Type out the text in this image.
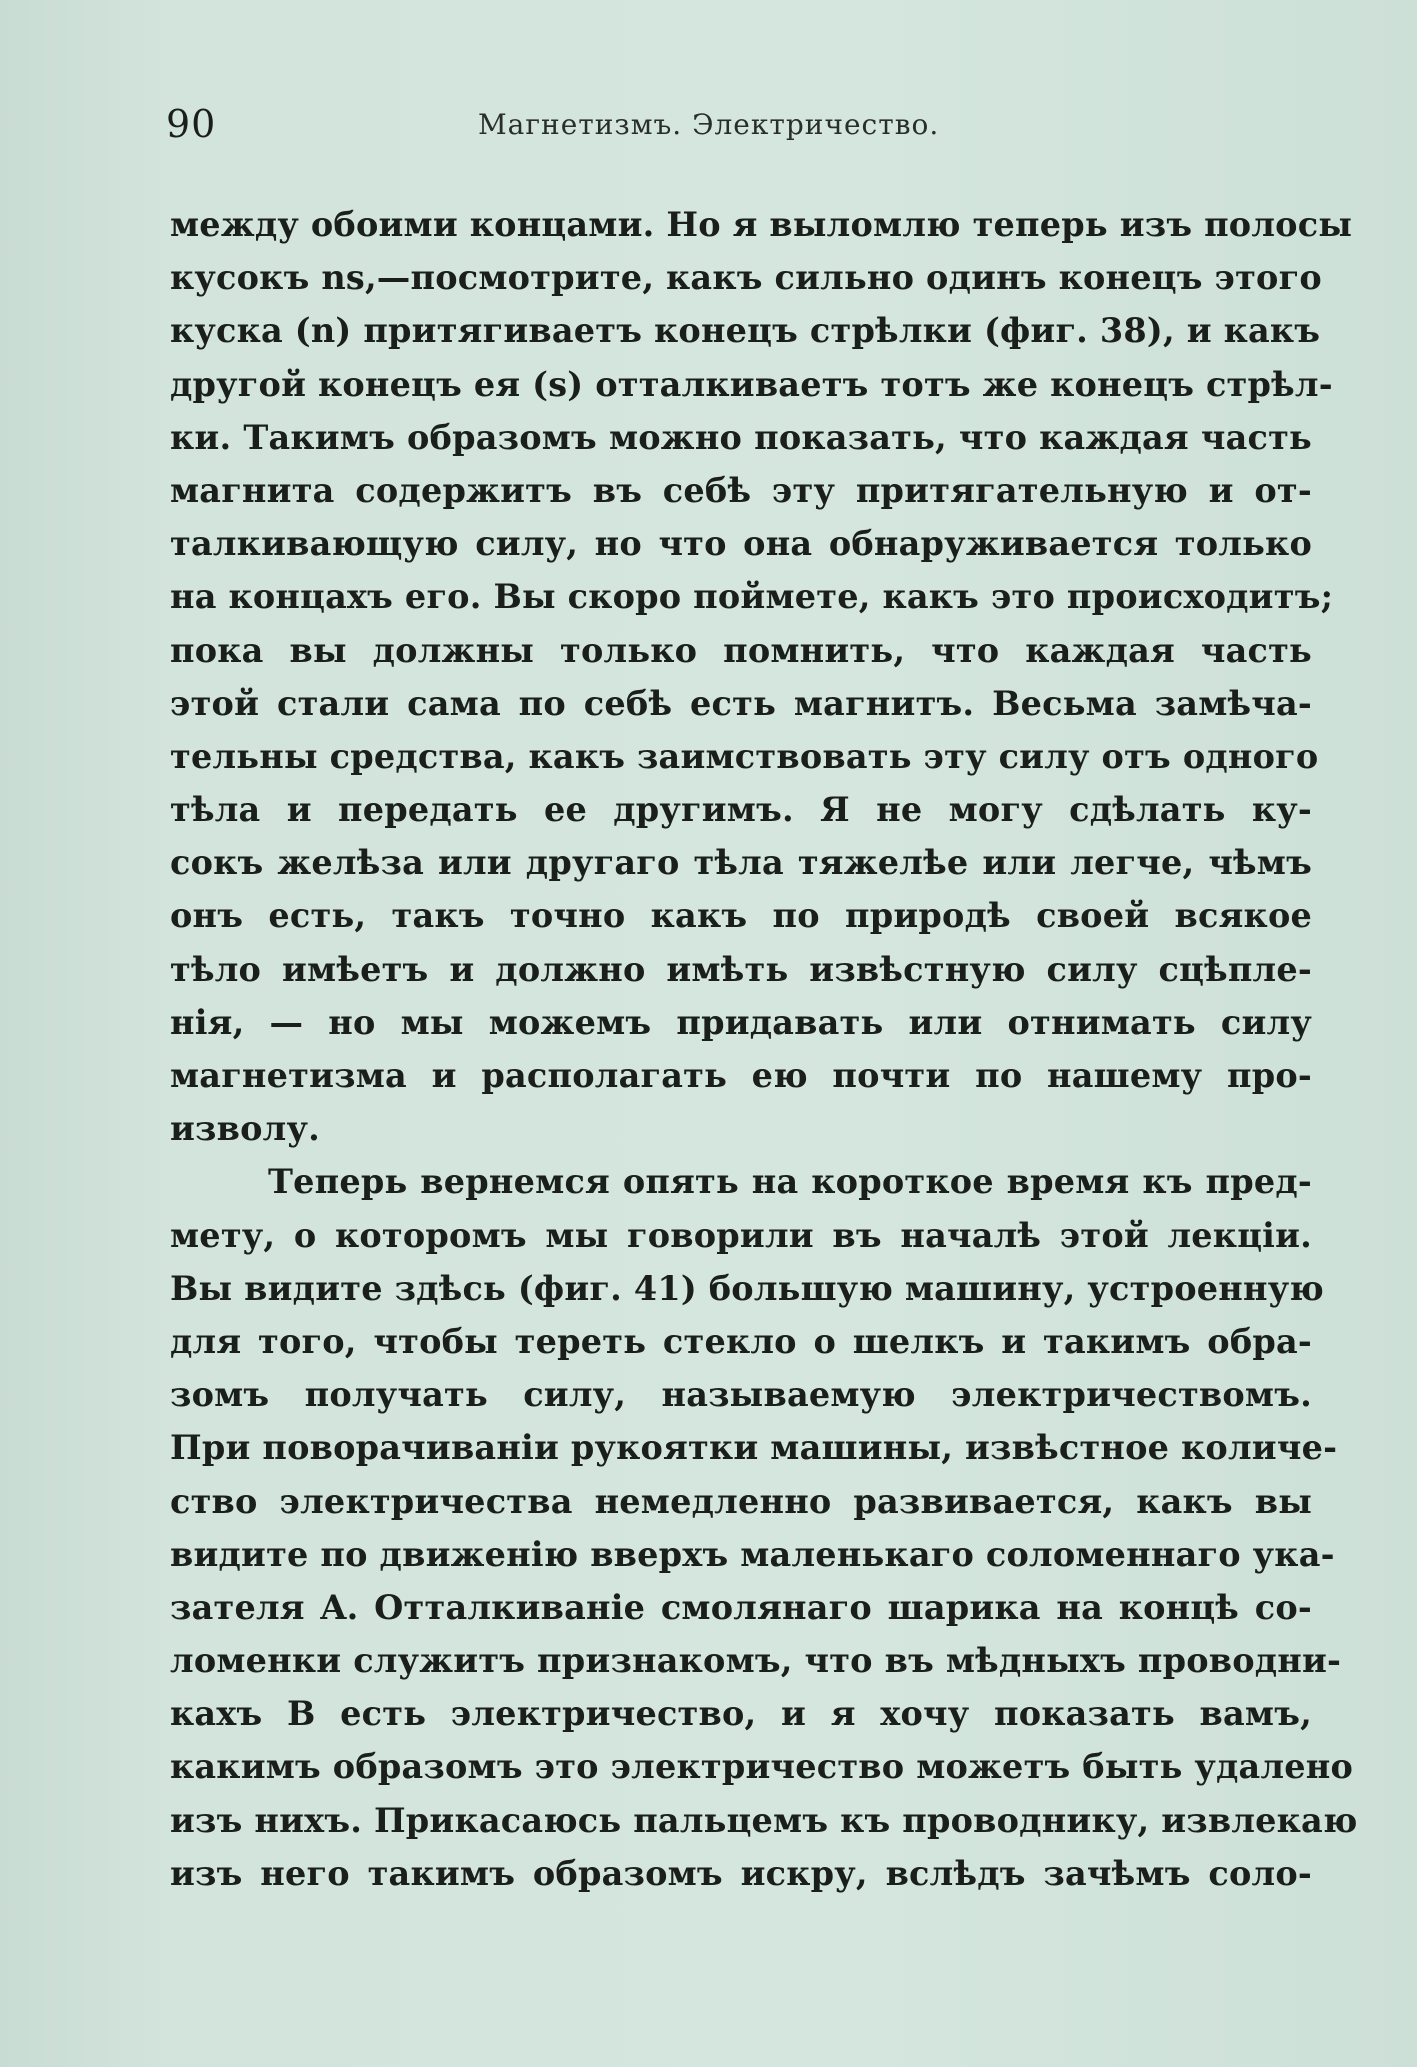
90	Магнетизмъ. Электричество.
между обоими концами. Но я выломлю теперь изъ полосы
кусокъ ns,—посмотрите, какъ сильно одинъ конецъ этого
куска (n) притягиваетъ конецъ стрѣлки (фиг. 38), и какъ
другой конецъ ея (s) отталкиваетъ тотъ же конецъ стрѣл-
ки. Такимъ образомъ можно показать, что каждая часть
магнита содержитъ въ себѣ эту притягательную и от-
талкивающую силу, но что она обнаруживается только
на концахъ его. Вы скоро поймете, какъ это происходитъ;
пока вы должны только помнить, что каждая часть
этой стали сама по себѣ есть магнитъ. Весьма замѣча-
тельны средства, какъ заимствовать эту силу отъ одного
тѣла и передать ее другимъ. Я не могу сдѣлать ку-
сокъ желѣза или другаго тѣла тяжелѣе или легче, чѣмъ
онъ есть, такъ точно какъ по природѣ своей всякое
тѣло имѣетъ и должно имѣть извѣстную силу сцѣпле-
нія, — но мы можемъ придавать или отнимать силу
магнетизма и располагать ею почти по нашему про-
изволу.
Теперь вернемся опять на короткое время къ пред-
мету, о которомъ мы говорили въ началѣ этой лекціи.
Вы видите здѣсь (фиг. 41) большую машину, устроенную
для того, чтобы тереть стекло о шелкъ и такимъ обра-
зомъ получать силу, называемую электричествомъ.
При поворачиваніи рукоятки машины, извѣстное количе-
ство электричества немедленно развивается, какъ вы
видите по движенію вверхъ маленькаго соломеннаго ука-
зателя A. Отталкиваніе смолянаго шарика на концѣ со-
ломенки служитъ признакомъ, что въ мѣдныхъ проводни-
кахъ B есть электричество, и я хочу показать вамъ,
какимъ образомъ это электричество можетъ быть удалено
изъ нихъ. Прикасаюсь пальцемъ къ проводнику, извлекаю
изъ него такимъ образомъ искру, вслѣдъ зачѣмъ соло-
